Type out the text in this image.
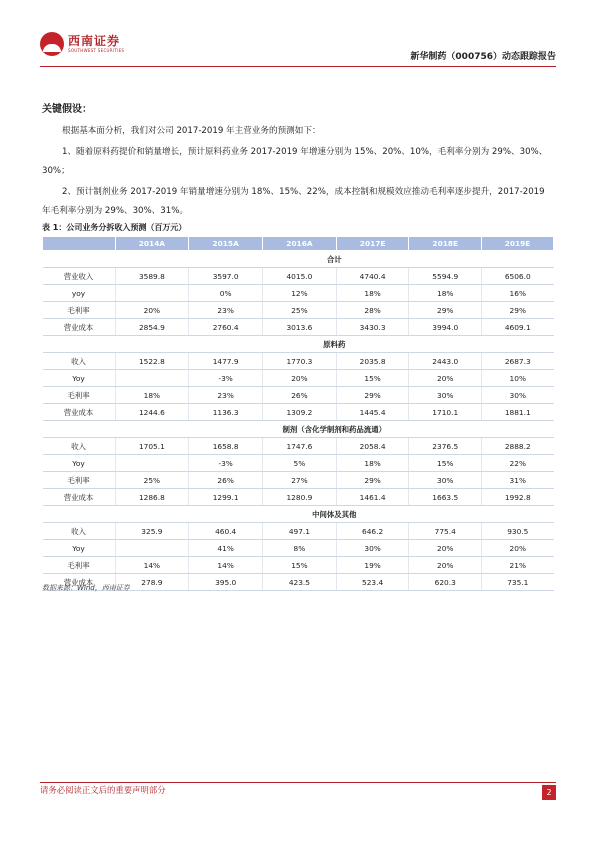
西南证券
SOUTHWEST SECURITIES
新华制药（000756）动态跟踪报告
关键假设：
根据基本面分析，我们对公司 2017-2019 年主营业务的预测如下：
1、随着原料药提价和销量增长，预计原料药业务 2017-2019 年增速分别为 15%、20%、10%，毛利率分别为 29%、30%、30%；
2、预计制剂业务 2017-2019 年销量增速分别为 18%、15%、22%，成本控制和规模效应推动毛利率逐步提升，2017-2019 年毛利率分别为 29%、30%、31%。
表 1：公司业务分拆收入预测（百万元）
	2014A	2015A	2016A	2017E	2018E	2019E
	合计					
营业收入	3589.8	3597.0	4015.0	4740.4	5594.9	6506.0
yoy		0%	12%	18%	18%	16%
毛利率	20%	23%	25%	28%	29%	29%
营业成本	2854.9	2760.4	3013.6	3430.3	3994.0	4609.1
	原料药					
收入	1522.8	1477.9	1770.3	2035.8	2443.0	2687.3
Yoy		-3%	20%	15%	20%	10%
毛利率	18%	23%	26%	29%	30%	30%
营业成本	1244.6	1136.3	1309.2	1445.4	1710.1	1881.1
	制剂（含化学制剂和药品流通）					
收入	1705.1	1658.8	1747.6	2058.4	2376.5	2888.2
Yoy		-3%	5%	18%	15%	22%
毛利率	25%	26%	27%	29%	30%	31%
营业成本	1286.8	1299.1	1280.9	1461.4	1663.5	1992.8
	中间体及其他					
收入	325.9	460.4	497.1	646.2	775.4	930.5
Yoy		41%	8%	30%	20%	20%
毛利率	14%	14%	15%	19%	20%	21%
营业成本	278.9	395.0	423.5	523.4	620.3	735.1
数据来源：Wind，西南证券
请务必阅读正文后的重要声明部分	2
